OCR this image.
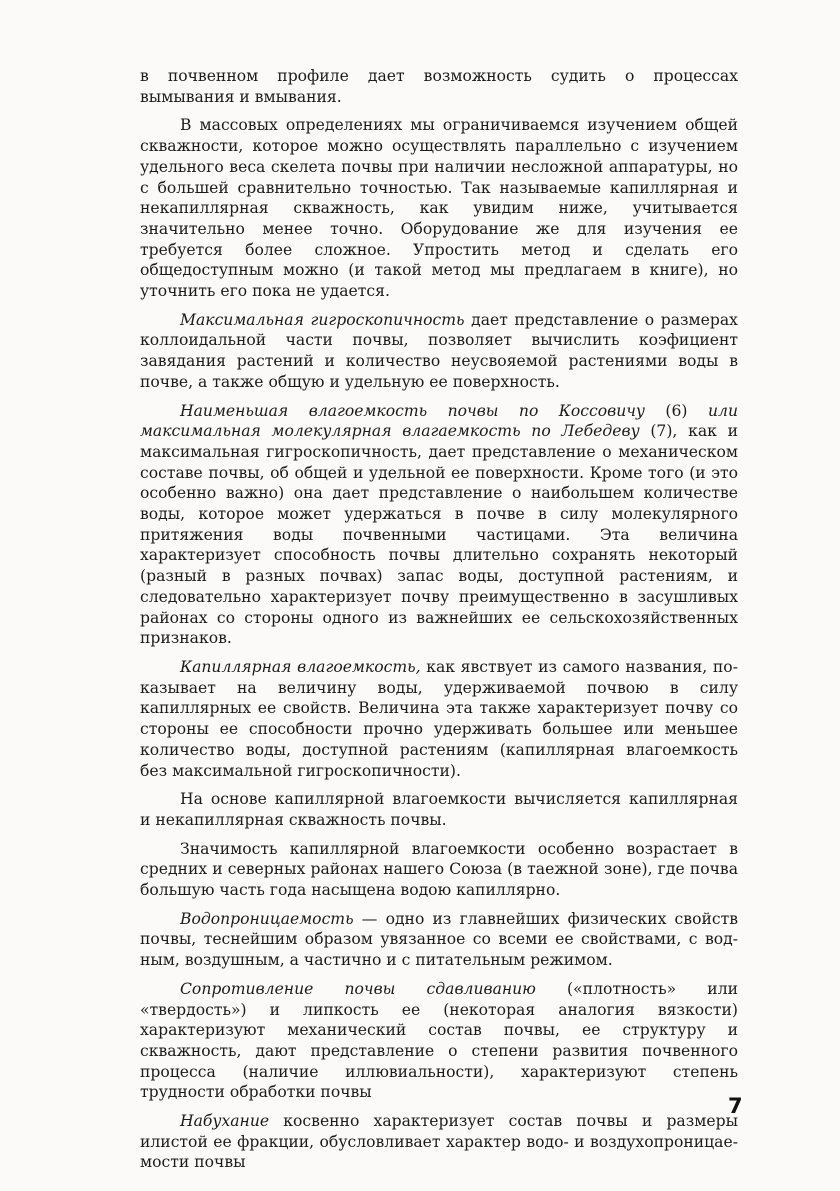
в почвенном профиле дает возможность судить о процессах вымывания и вмывания.

В массовых определениях мы ограничиваемся изучением общей скважности, которое можно осуществлять параллельно с изучением удельного веса скелета почвы при наличии несложной аппаратуры, но с большей сравнительно точностью. Так называемые капиллярная и некапиллярная скважность, как увидим ниже, учитывается значительно менее точно. Оборудование же для изучения ее требуется более сложное. Упростить метод и сделать его общедоступным можно (и такой метод мы предлагаем в книге), но уточнить его пока не удается.

Максимальная гигроскопичность дает представление о размерах коллоидальной части почвы, позволяет вычислить коэфициент завядания растений и количество неусвояемой растениями воды в почве, а также общую и удельную ее поверхность.

Наименьшая влагоемкость почвы по Коссовичу (6) или максимальная молекулярная влагаемкость по Лебедеву (7), как и максимальная гигроскопичность, дает представление о механическом составе почвы, об общей и удельной ее поверхности. Кроме того (и это особенно важно) она дает представление о наибольшем количестве воды, которое может удержаться в почве в силу молекулярного притяжения воды почвенными частицами. Эта величина характеризует способность почвы длительно сохранять некоторый (разный в разных почвах) запас воды, доступной растениям, и следовательно характеризует почву преимущественно в засушливых районах со стороны одного из важнейших ее сельскохозяйственных признаков.

Капиллярная влагоемкость, как явствует из самого названия, показывает на величину воды, удерживаемой почвою в силу капиллярных ее свойств. Величина эта также характеризует почву со стороны ее способности прочно удерживать большее или меньшее количество воды, доступной растениям (капиллярная влагоемкость без максимальной гигроскопичности).

На основе капиллярной влагоемкости вычисляется капиллярная и некапиллярная скважность почвы.

Значимость капиллярной влагоемкости особенно возрастает в средних и северных районах нашего Союза (в таежной зоне), где почва большую часть года насыщена водою капиллярно.

Водопроницаемость — одно из главнейших физических свойств почвы, теснейшим образом увязанное со всеми ее свойствами, с водным, воздушным, а частично и с питательным режимом.

Сопротивление почвы сдавливанию («плотность» или «твердость») и липкость ее (некоторая аналогия вязкости) характеризуют механический состав почвы, ее структуру и скважность, дают представление о степени развития почвенного процесса (наличие иллювиальности), характеризуют степень трудности обработки почвы

Набухание косвенно характеризует состав почвы и размеры илистой ее фракции, обусловливает характер водо- и воздухопроницаемости почвы

7
